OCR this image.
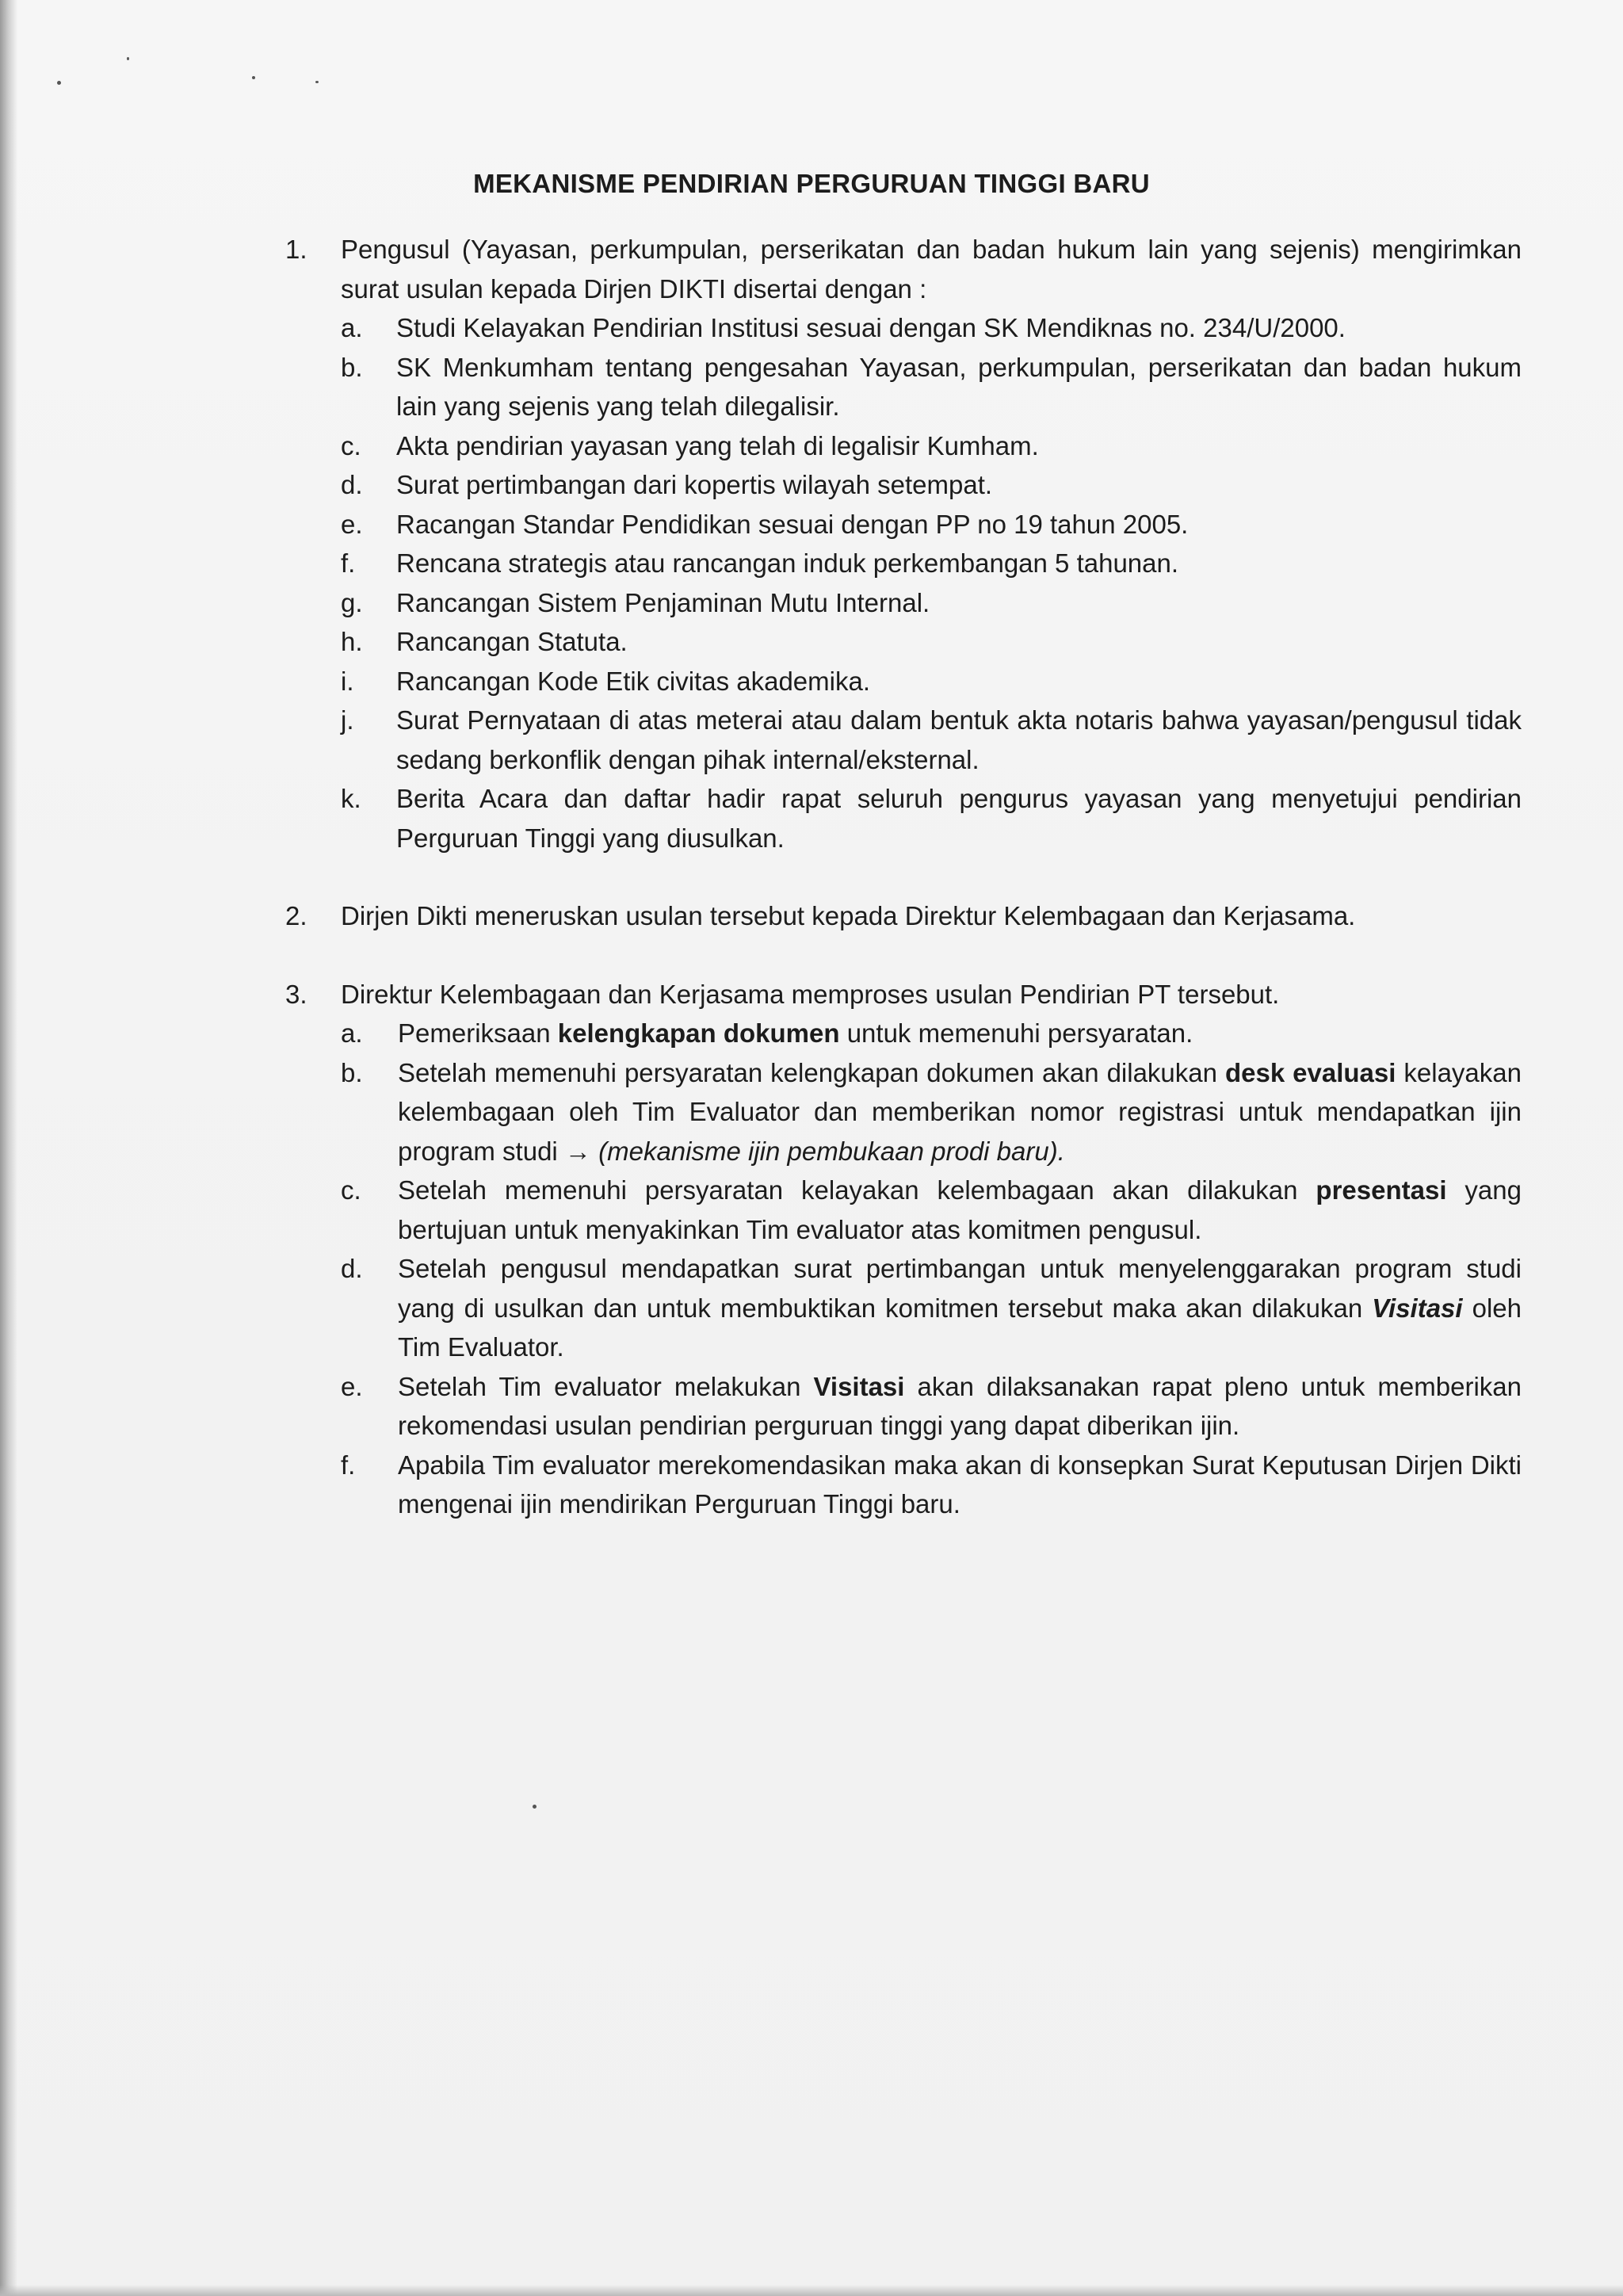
MEKANISME PENDIRIAN PERGURUAN TINGGI BARU
1. Pengusul (Yayasan, perkumpulan, perserikatan dan badan hukum lain yang sejenis) mengirimkan surat usulan kepada Dirjen DIKTI disertai dengan :
a. Studi Kelayakan Pendirian Institusi sesuai dengan SK Mendiknas no. 234/U/2000.
b. SK Menkumham tentang pengesahan Yayasan, perkumpulan, perserikatan dan badan hukum lain yang sejenis yang telah dilegalisir.
c. Akta pendirian yayasan yang telah di legalisir Kumham.
d. Surat pertimbangan dari kopertis wilayah setempat.
e. Racangan Standar Pendidikan sesuai dengan PP no 19 tahun 2005.
f. Rencana strategis atau rancangan induk perkembangan 5 tahunan.
g. Rancangan Sistem Penjaminan Mutu Internal.
h. Rancangan Statuta.
i. Rancangan Kode Etik civitas akademika.
j. Surat Pernyataan di atas meterai atau dalam bentuk akta notaris bahwa yayasan/pengusul tidak sedang berkonflik dengan pihak internal/eksternal.
k. Berita Acara dan daftar hadir rapat seluruh pengurus yayasan yang menyetujui pendirian Perguruan Tinggi yang diusulkan.
2. Dirjen Dikti meneruskan usulan tersebut kepada Direktur Kelembagaan dan Kerjasama.
3. Direktur Kelembagaan dan Kerjasama memproses usulan Pendirian PT tersebut.
a. Pemeriksaan kelengkapan dokumen untuk memenuhi persyaratan.
b. Setelah memenuhi persyaratan kelengkapan dokumen akan dilakukan desk evaluasi kelayakan kelembagaan oleh Tim Evaluator dan memberikan nomor registrasi untuk mendapatkan ijin program studi → (mekanisme ijin pembukaan prodi baru).
c. Setelah memenuhi persyaratan kelayakan kelembagaan akan dilakukan presentasi yang bertujuan untuk menyakinkan Tim evaluator atas komitmen pengusul.
d. Setelah pengusul mendapatkan surat pertimbangan untuk menyelenggarakan program studi yang di usulkan dan untuk membuktikan komitmen tersebut maka akan dilakukan Visitasi oleh Tim Evaluator.
e. Setelah Tim evaluator melakukan Visitasi akan dilaksanakan rapat pleno untuk memberikan rekomendasi usulan pendirian perguruan tinggi yang dapat diberikan ijin.
f. Apabila Tim evaluator merekomendasikan maka akan di konsepkan Surat Keputusan Dirjen Dikti mengenai ijin mendirikan Perguruan Tinggi baru.
